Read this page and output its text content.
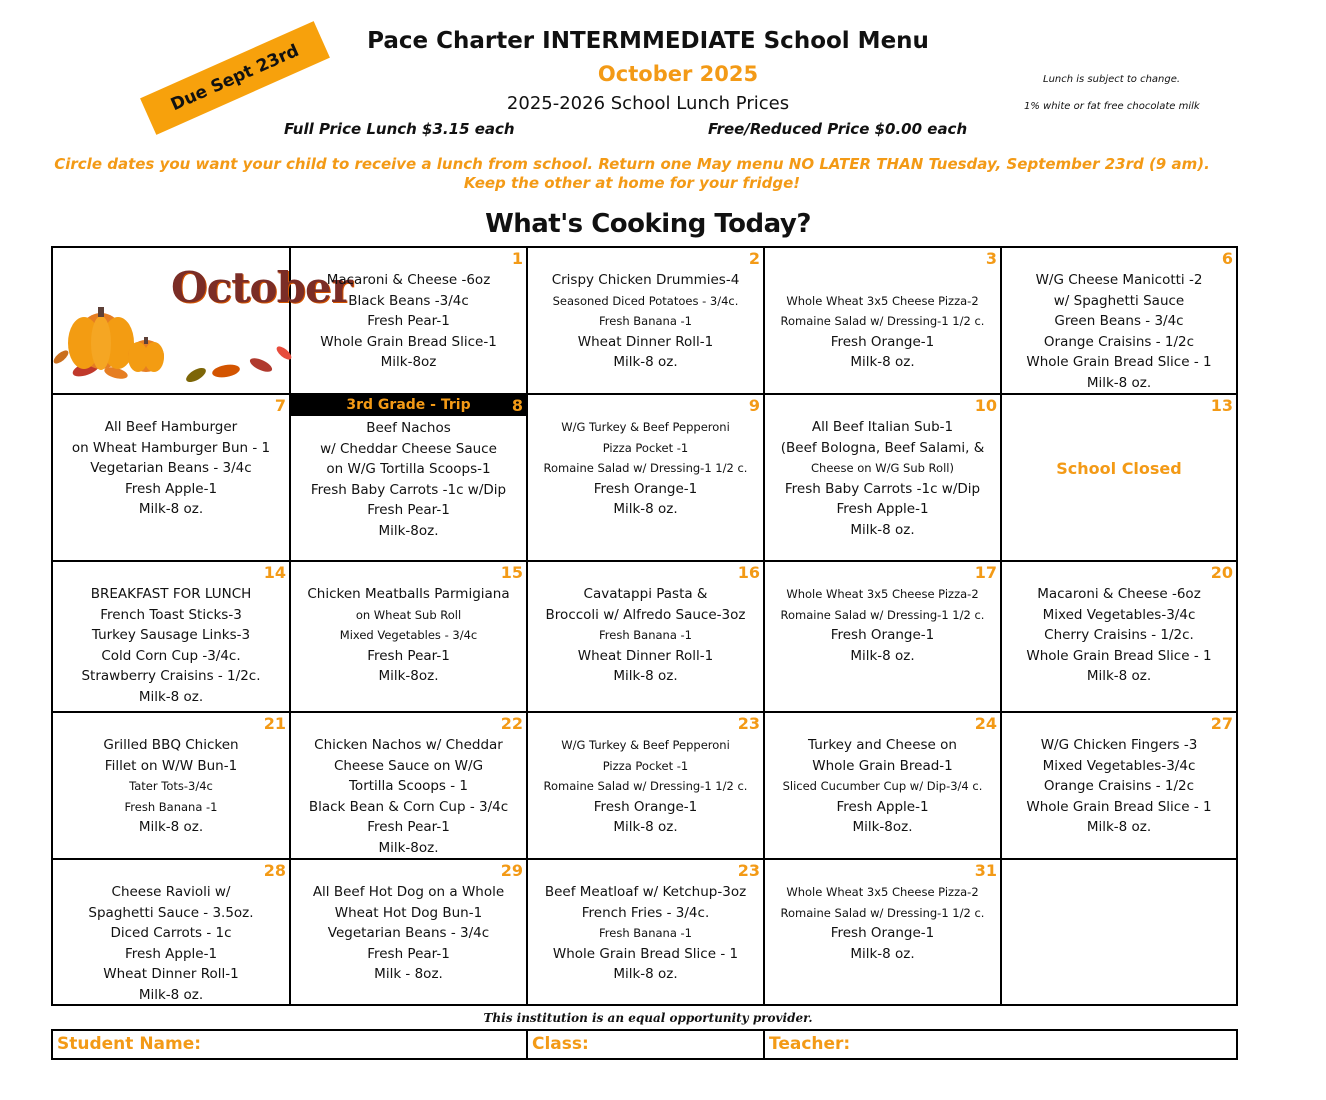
Pace Charter INTERMMEDIATE School Menu
October 2025
2025-2026 School Lunch Prices
Full Price Lunch $3.15 each	Free/Reduced Price $0.00 each
Lunch is subject to change.
1% white or fat free chocolate milk
Due Sept 23rd
Circle dates you want your child to receive a lunch from school. Return one May menu NO LATER THAN Tuesday, September 23rd (9 am). Keep the other at home for your fridge!
What's Cooking Today?
October
1
Macaroni & Cheese -6oz
Black Beans -3/4c
Fresh Pear-1
Whole Grain Bread Slice-1
Milk-8oz
2
Crispy Chicken Drummies-4
Seasoned Diced Potatoes - 3/4c.
Fresh Banana -1
Wheat Dinner Roll-1
Milk-8 oz.
3

Whole Wheat 3x5 Cheese Pizza-2
Romaine Salad w/ Dressing-1 1/2 c.
Fresh Orange-1
Milk-8 oz.
6
W/G Cheese Manicotti -2
w/ Spaghetti Sauce
Green Beans - 3/4c
Orange Craisins - 1/2c
Whole Grain Bread Slice - 1
Milk-8 oz.
7
All Beef Hamburger
on Wheat Hamburger Bun - 1
Vegetarian Beans - 3/4c
Fresh Apple-1
Milk-8 oz.
3rd Grade - Trip	8
Beef Nachos
w/ Cheddar Cheese Sauce
on W/G Tortilla Scoops-1
Fresh Baby Carrots -1c w/Dip
Fresh Pear-1
Milk-8oz.
9
W/G Turkey & Beef Pepperoni
Pizza Pocket -1
Romaine Salad w/ Dressing-1 1/2 c.
Fresh Orange-1
Milk-8 oz.
10
All Beef Italian Sub-1
(Beef Bologna, Beef Salami, &
Cheese on W/G Sub Roll)
Fresh Baby Carrots -1c w/Dip
Fresh Apple-1
Milk-8 oz.
13
School Closed
14
BREAKFAST FOR LUNCH
French Toast Sticks-3
Turkey Sausage Links-3
Cold Corn Cup -3/4c.
Strawberry Craisins - 1/2c.
Milk-8 oz.
15
Chicken Meatballs Parmigiana
on Wheat Sub Roll
Mixed Vegetables - 3/4c
Fresh Pear-1
Milk-8oz.
16
Cavatappi Pasta &
Broccoli w/ Alfredo Sauce-3oz
Fresh Banana -1
Wheat Dinner Roll-1
Milk-8 oz.
17
Whole Wheat 3x5 Cheese Pizza-2
Romaine Salad w/ Dressing-1 1/2 c.
Fresh Orange-1
Milk-8 oz.
20
Macaroni & Cheese -6oz
Mixed Vegetables-3/4c
Cherry Craisins - 1/2c.
Whole Grain Bread Slice - 1
Milk-8 oz.
21
Grilled BBQ Chicken
Fillet on W/W Bun-1
Tater Tots-3/4c
Fresh Banana -1
Milk-8 oz.
22
Chicken Nachos w/ Cheddar
Cheese Sauce on W/G
Tortilla Scoops - 1
Black Bean & Corn Cup - 3/4c
Fresh Pear-1
Milk-8oz.
23
W/G Turkey & Beef Pepperoni
Pizza Pocket -1
Romaine Salad w/ Dressing-1 1/2 c.
Fresh Orange-1
Milk-8 oz.
24
Turkey and Cheese on
Whole Grain Bread-1
Sliced Cucumber Cup w/ Dip-3/4 c.
Fresh Apple-1
Milk-8oz.
27
W/G Chicken Fingers -3
Mixed Vegetables-3/4c
Orange Craisins - 1/2c
Whole Grain Bread Slice - 1
Milk-8 oz.
28
Cheese Ravioli w/
Spaghetti Sauce - 3.5oz.
Diced Carrots - 1c
Fresh Apple-1
Wheat Dinner Roll-1
Milk-8 oz.
29
All Beef Hot Dog on a Whole
Wheat Hot Dog Bun-1
Vegetarian Beans - 3/4c
Fresh Pear-1
Milk - 8oz.
23
Beef Meatloaf w/ Ketchup-3oz
French Fries - 3/4c.
Fresh Banana -1
Whole Grain Bread Slice - 1
Milk-8 oz.
31
Whole Wheat 3x5 Cheese Pizza-2
Romaine Salad w/ Dressing-1 1/2 c.
Fresh Orange-1
Milk-8 oz.
This institution is an equal opportunity provider.
Student Name:	Class:	Teacher:
